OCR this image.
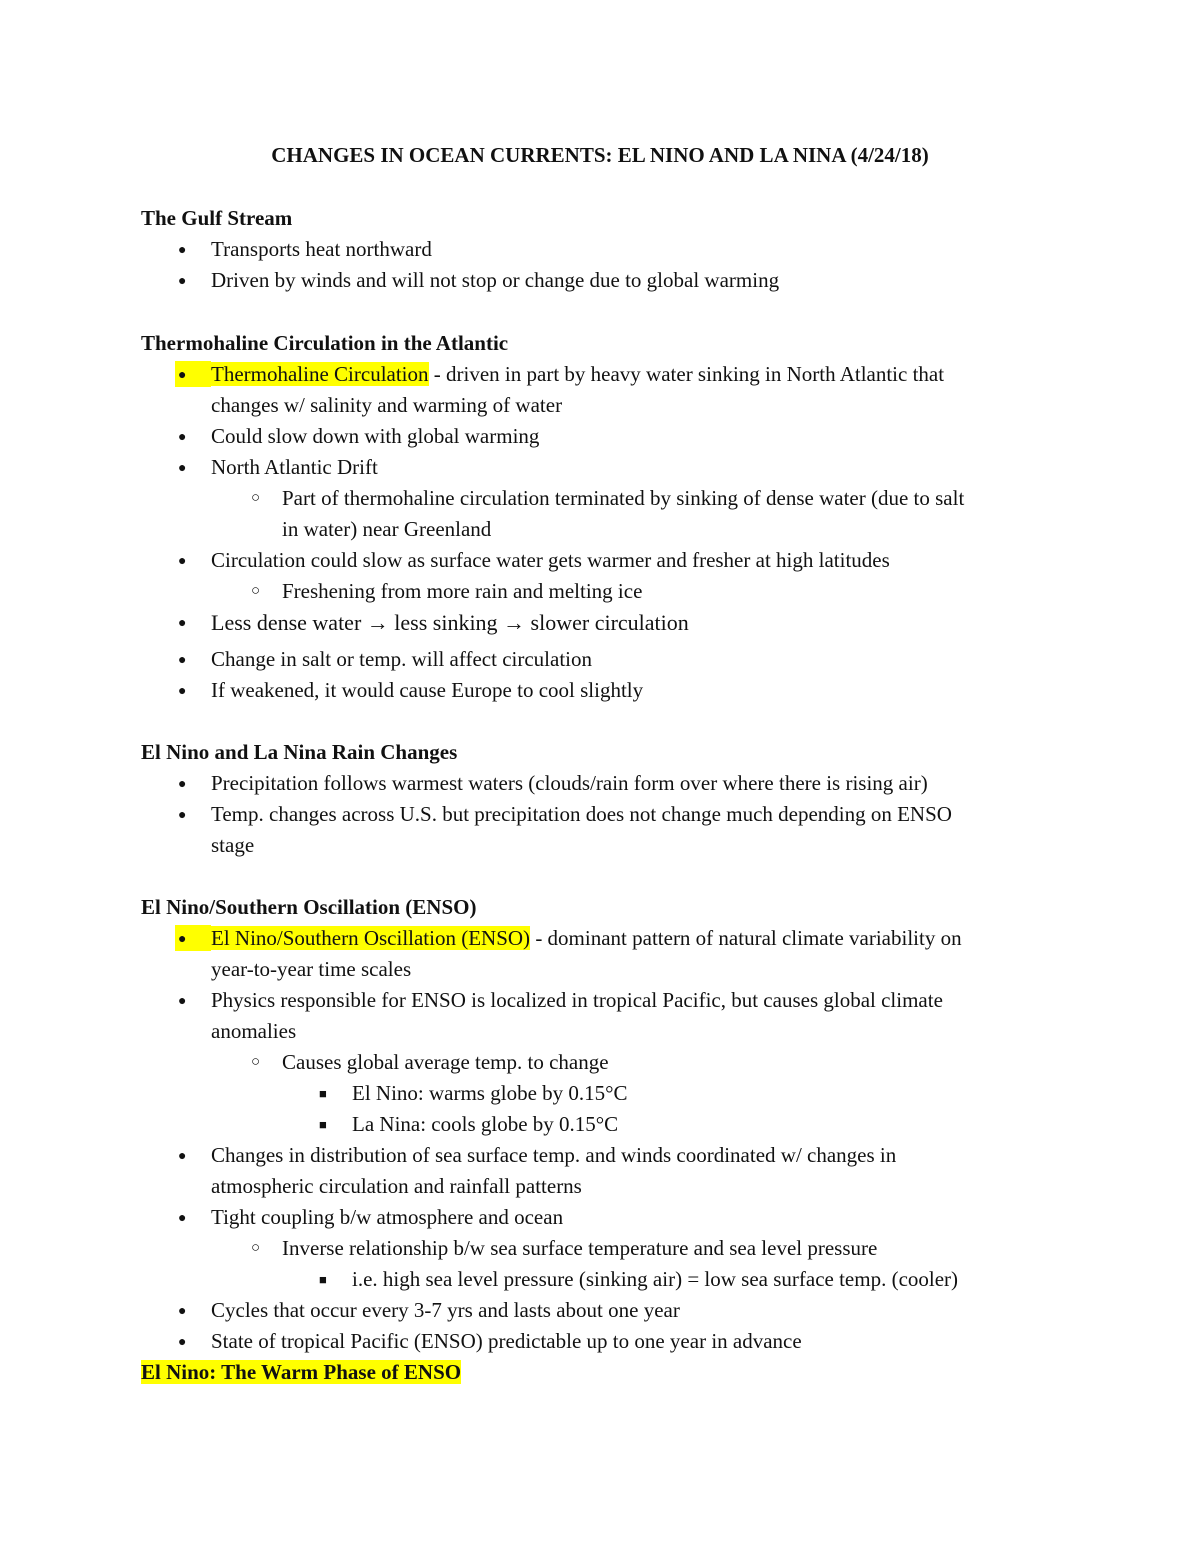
CHANGES IN OCEAN CURRENTS: EL NINO AND LA NINA (4/24/18)
The Gulf Stream
● Transports heat northward
● Driven by winds and will not stop or change due to global warming
Thermohaline Circulation in the Atlantic
● Thermohaline Circulation - driven in part by heavy water sinking in North Atlantic that
changes w/ salinity and warming of water
● Could slow down with global warming
● North Atlantic Drift
○ Part of thermohaline circulation terminated by sinking of dense water (due to salt
in water) near Greenland
● Circulation could slow as surface water gets warmer and fresher at high latitudes
○ Freshening from more rain and melting ice
● Less dense water → less sinking → slower circulation
● Change in salt or temp. will affect circulation
● If weakened, it would cause Europe to cool slightly
El Nino and La Nina Rain Changes
● Precipitation follows warmest waters (clouds/rain form over where there is rising air)
● Temp. changes across U.S. but precipitation does not change much depending on ENSO
stage
El Nino/Southern Oscillation (ENSO)
● El Nino/Southern Oscillation (ENSO) - dominant pattern of natural climate variability on
year-to-year time scales
● Physics responsible for ENSO is localized in tropical Pacific, but causes global climate
anomalies
○ Causes global average temp. to change
■ El Nino: warms globe by 0.15°C
■ La Nina: cools globe by 0.15°C
● Changes in distribution of sea surface temp. and winds coordinated w/ changes in
atmospheric circulation and rainfall patterns
● Tight coupling b/w atmosphere and ocean
○ Inverse relationship b/w sea surface temperature and sea level pressure
■ i.e. high sea level pressure (sinking air) = low sea surface temp. (cooler)
● Cycles that occur every 3-7 yrs and lasts about one year
● State of tropical Pacific (ENSO) predictable up to one year in advance
El Nino: The Warm Phase of ENSO
